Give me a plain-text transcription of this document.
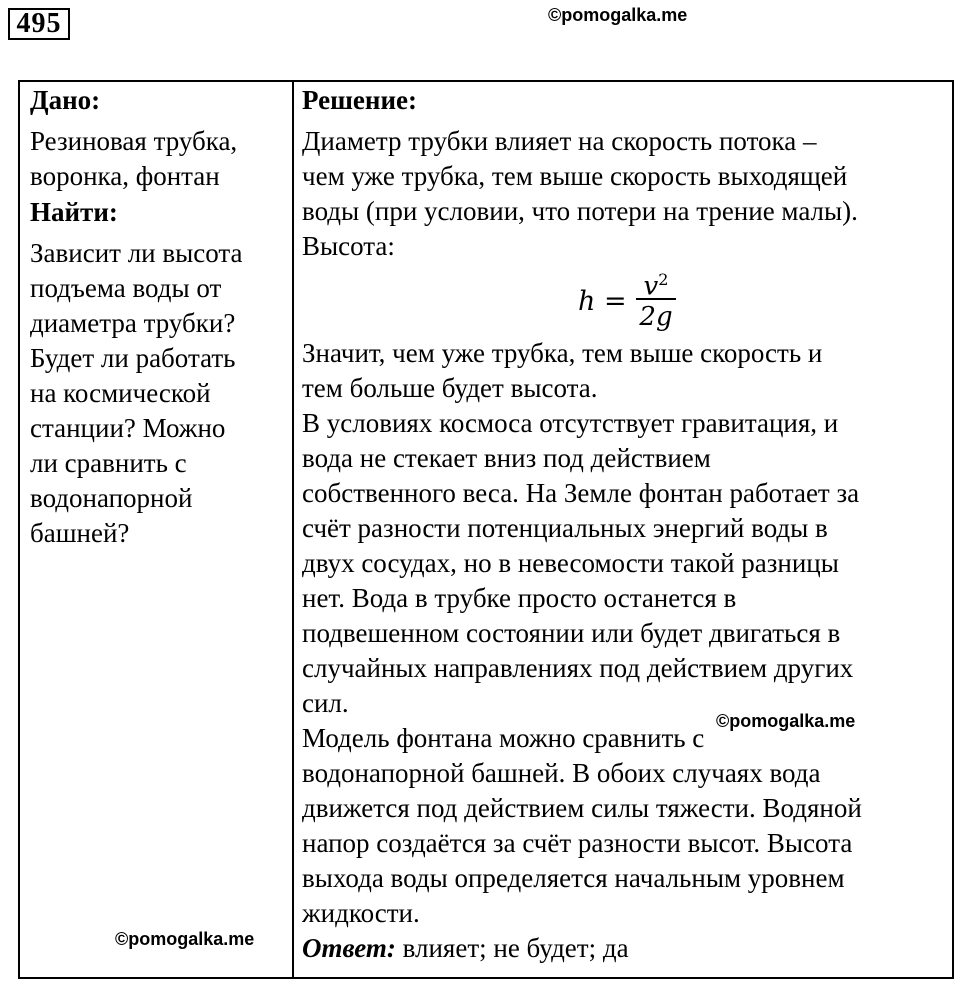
495	©pomogalka.me
Дано:
Резиновая трубка,
воронка, фонтан
Найти:
Зависит ли высота
подъема воды от
диаметра трубки?
Будет ли работать
на космической
станции? Можно
ли сравнить с
водонапорной
башней?
Решение:
Диаметр трубки влияет на скорость потока –
чем уже трубка, тем выше скорость выходящей
воды (при условии, что потери на трение малы).
Высота:
$h = v^2$
2g
Значит, чем уже трубка, тем выше скорость и
тем больше будет высота.
В условиях космоса отсутствует гравитация, и
вода не стекает вниз под действием
собственного веса. На Земле фонтан работает за
счёт разности потенциальных энергий воды в
двух сосудах, но в невесомости такой разницы
нет. Вода в трубке просто останется в
подвешенном состоянии или будет двигаться в
случайных направлениях под действием других
сил.
Модель фонтана можно сравнить с
водонапорной башней. В обоих случаях вода
движется под действием силы тяжести. Водяной
напор создаётся за счёт разности высот. Высота
выхода воды определяется начальным уровнем
жидкости.
Ответ: влияет; не будет; да
©pomogalka.me
©pomogalka.me
